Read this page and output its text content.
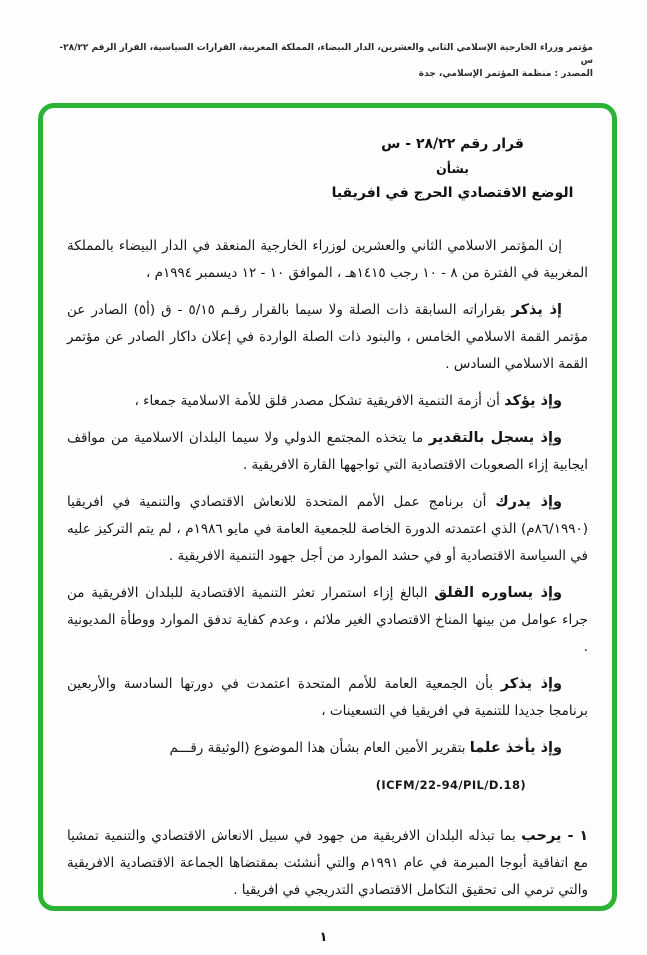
مؤتمر وزراء الخارجية الإسلامي الثاني والعشرين، الدار البيضاء، المملكة المغربية، القرارات السياسية، القرار الرقم ٢٨/٢٢-س
المصدر : منظمة المؤتمر الإسلامي، جدة
قرار رقم ٢٨/٢٢ - س
بشأن
الوضع الاقتصادي الحرج في افريقيا

إن المؤتمر الاسلامي الثاني والعشرين لوزراء الخارجية المنعقد في الدار البيضاء بالمملكة المغربية في الفترة من ٨ - ١٠ رجب ١٤١٥هـ ، الموافق ١٠ - ١٢ ديسمبر ١٩٩٤م ،

إذ يذكر بقراراته السابقة ذات الصلة ولا سيما بالقرار رقـم ٥/١٥ - ق (أ٥) الصادر عن مؤتمر القمة الاسلامي الخامس ، والبنود ذات الصلة الواردة في إعلان داكار الصادر عن مؤتمر القمة الاسلامي السادس .

وإذ يؤكد أن أزمة التنمية الافريقية تشكل مصدر قلق للأمة الاسلامية جمعاء ،

وإذ يسجل بالتقدير ما يتخذه المجتمع الدولي ولا سيما البلدان الاسلامية من مواقف ايجابية إزاء الصعوبات الاقتصادية التي تواجهها القارة الافريقية .

وإذ يدرك أن برنامج عمل الأمم المتحدة للانعاش الاقتصادي والتنمية في افريقيا (٨٦/١٩٩٠م) الذي اعتمدته الدورة الخاصة للجمعية العامة في مايو ١٩٨٦م ، لم يتم التركيز عليه في السياسة الاقتصادية أو في حشد الموارد من أجل جهود التنمية الافريقية .

وإذ يساوره القلق البالغ إزاء استمرار تعثر التنمية الاقتصادية للبلدان الافريقية من جراء عوامل من بينها المناخ الاقتصادي الغير ملائم ، وعدم كفاية تدفق الموارد ووطأة المديونية .

وإذ يذكر بأن الجمعية العامة للأمم المتحدة اعتمدت في دورتها السادسة والأربعين برنامجا جديدا للتنمية في افريقيا في التسعينات ،

وإذ يأخذ علما بتقرير الأمين العام بشأن هذا الموضوع (الوثيقة رقـــم

(ICFM/22-94/PIL/D.18)

١ - يرحب بما تبذله البلدان الافريقية من جهود في سبيل الانعاش الاقتصادي والتنمية تمشيا مع اتفاقية أبوجا المبرمة في عام ١٩٩١م والتي أنشئت بمقتضاها الجماعة الاقتصادية الافريقية والتي ترمي الى تحقيق التكامل الاقتصادي التدريجي في افريقيا .

١
